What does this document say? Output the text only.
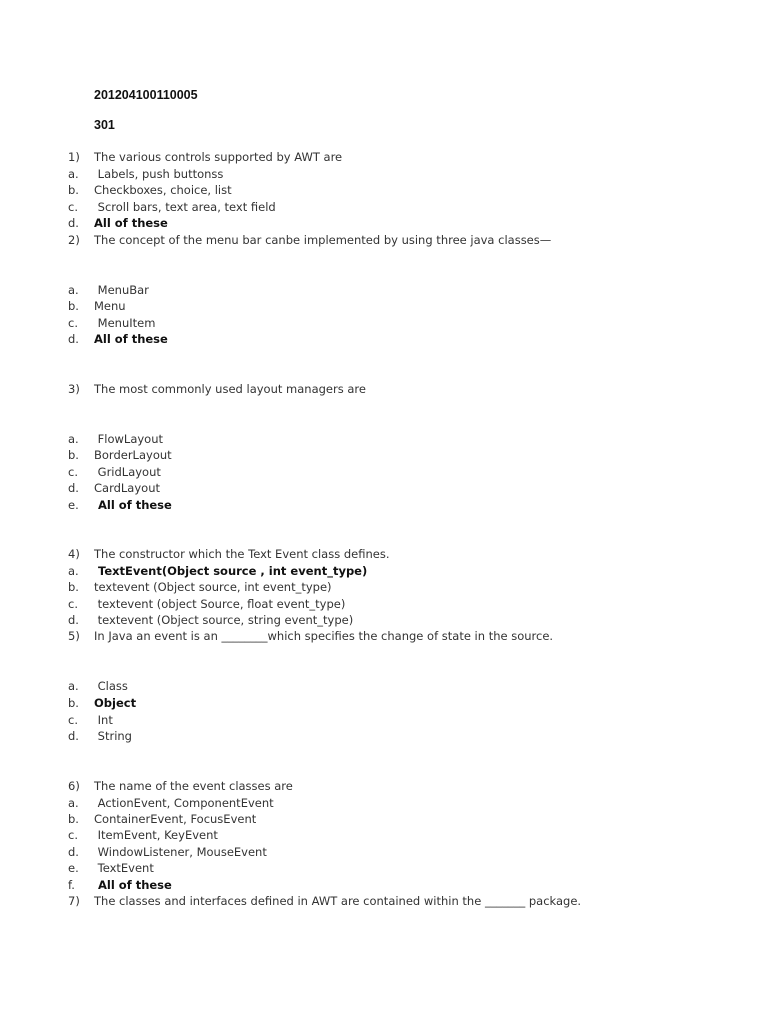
201204100110005
301
1) The various controls supported by AWT are
a. Labels, push buttonss
b. Checkboxes, choice, list
c. Scroll bars, text area, text field
d. All of these
2) The concept of the menu bar canbe implemented by using three java classes—
a. MenuBar
b. Menu
c. MenuItem
d. All of these
3) The most commonly used layout managers are
a. FlowLayout
b. BorderLayout
c. GridLayout
d. CardLayout
e. All of these
4) The constructor which the Text Event class defines.
a. TextEvent(Object source , int event_type)
b. textevent (Object source, int event_type)
c. textevent (object Source, float event_type)
d. textevent (Object source, string event_type)
5) In Java an event is an ________which specifies the change of state in the source.
a. Class
b. Object
c. Int
d. String
6) The name of the event classes are
a. ActionEvent, ComponentEvent
b. ContainerEvent, FocusEvent
c. ItemEvent, KeyEvent
d. WindowListener, MouseEvent
e. TextEvent
f. All of these
7) The classes and interfaces defined in AWT are contained within the _______ package.
